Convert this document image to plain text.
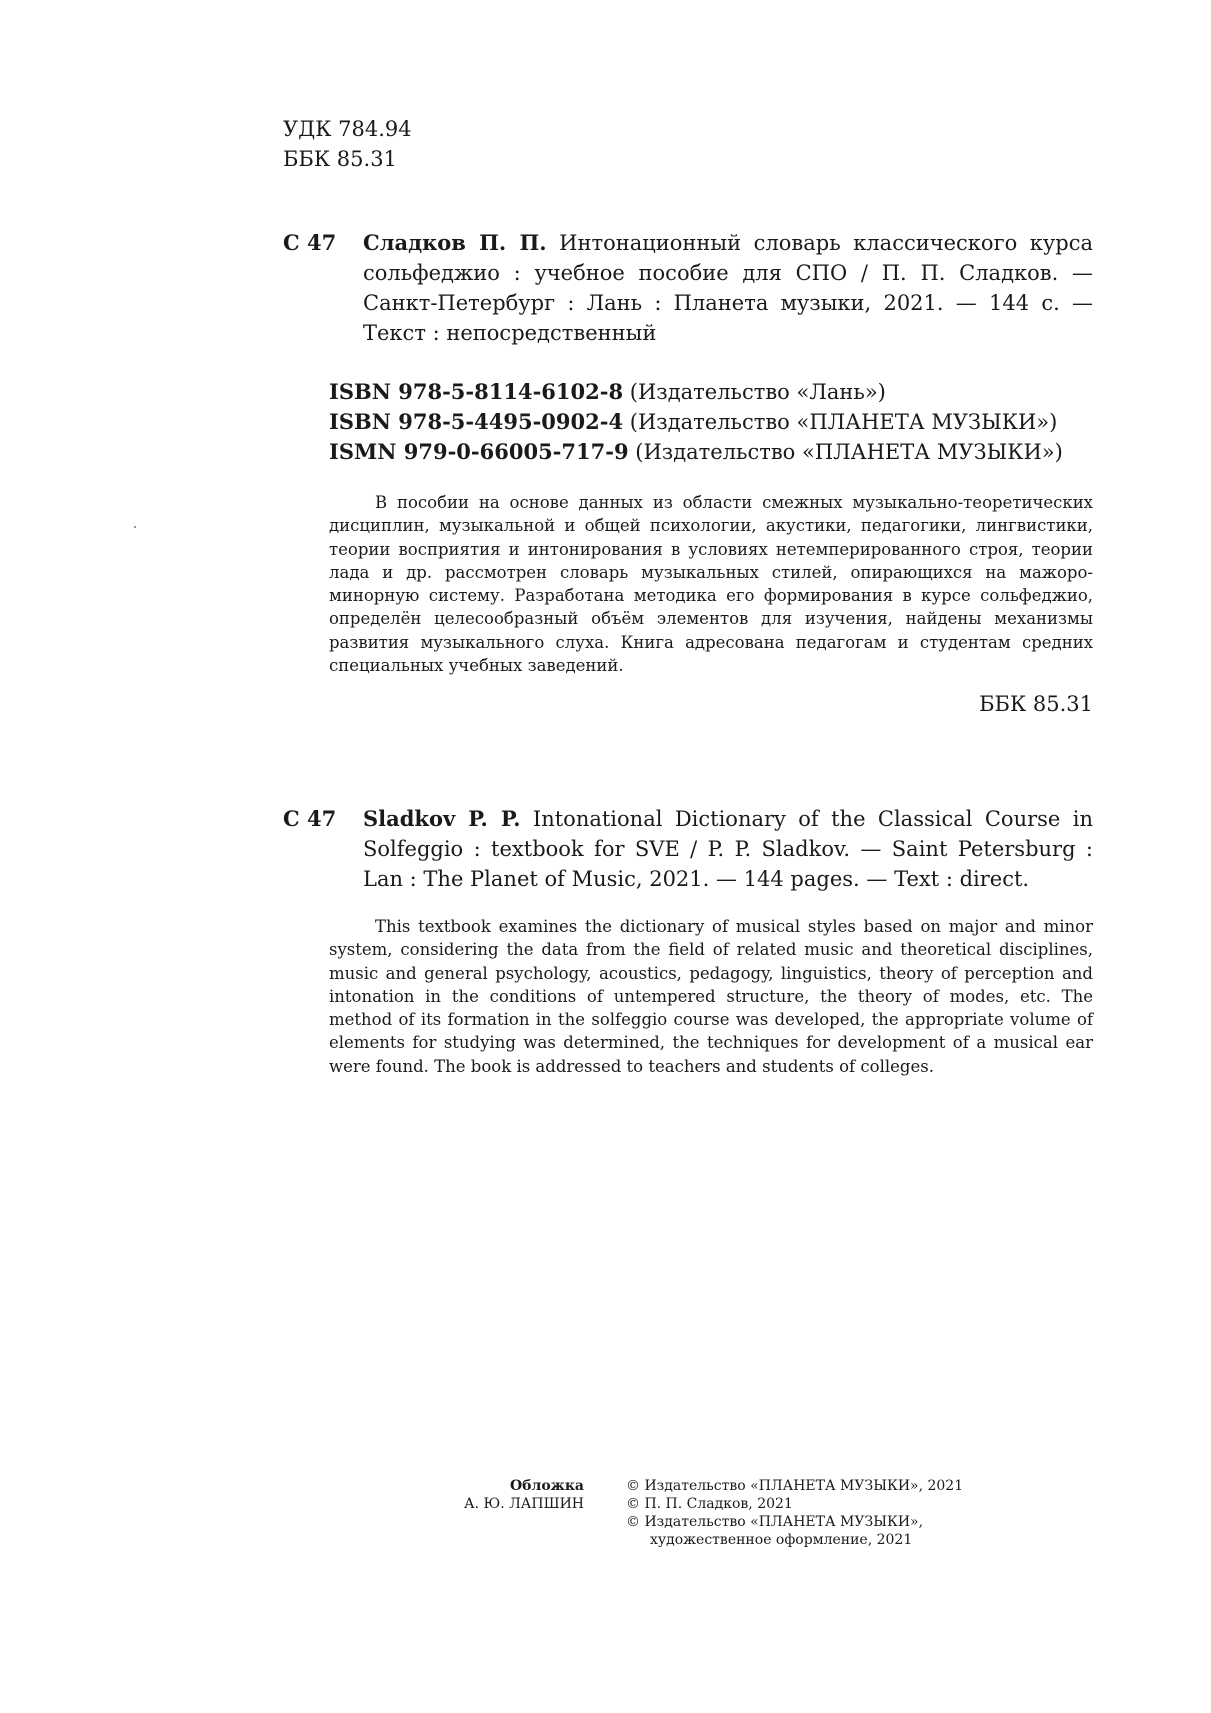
УДК 784.94
ББК 85.31
С 47 Сладков П. П. Интонационный словарь классического курса сольфеджио : учебное пособие для СПО / П. П. Сладков. — Санкт-Петербург : Лань : Планета музыки, 2021. — 144 с. — Текст : непосредственный
ISBN 978-5-8114-6102-8 (Издательство «Лань»)
ISBN 978-5-4495-0902-4 (Издательство «ПЛАНЕТА МУЗЫКИ»)
ISMN 979-0-66005-717-9 (Издательство «ПЛАНЕТА МУЗЫКИ»)
В пособии на основе данных из области смежных музыкально-теоретических дисциплин, музыкальной и общей психологии, акустики, педагогики, лингвистики, теории восприятия и интонирования в условиях нетемперированного строя, теории лада и др. рассмотрен словарь музыкальных стилей, опирающихся на мажоро-минорную систему. Разработана методика его формирования в курсе сольфеджио, определён целесообразный объём элементов для изучения, найдены механизмы развития музыкального слуха. Книга адресована педагогам и студентам средних специальных учебных заведений.
ББК 85.31
С 47 Sladkov P. P. Intonational Dictionary of the Classical Course in Solfeggio : textbook for SVE / P. P. Sladkov. — Saint Petersburg : Lan : The Planet of Music, 2021. — 144 pages. — Text : direct.
This textbook examines the dictionary of musical styles based on major and minor system, considering the data from the field of related music and theoretical disciplines, music and general psychology, acoustics, pedagogy, linguistics, theory of perception and intonation in the conditions of untempered structure, the theory of modes, etc. The method of its formation in the solfeggio course was developed, the appropriate volume of elements for studying was determined, the techniques for development of a musical ear were found. The book is addressed to teachers and students of colleges.
Обложка
А. Ю. ЛАПШИН
© Издательство «ПЛАНЕТА МУЗЫКИ», 2021
© П. П. Сладков, 2021
© Издательство «ПЛАНЕТА МУЗЫКИ»,
художественное оформление, 2021
